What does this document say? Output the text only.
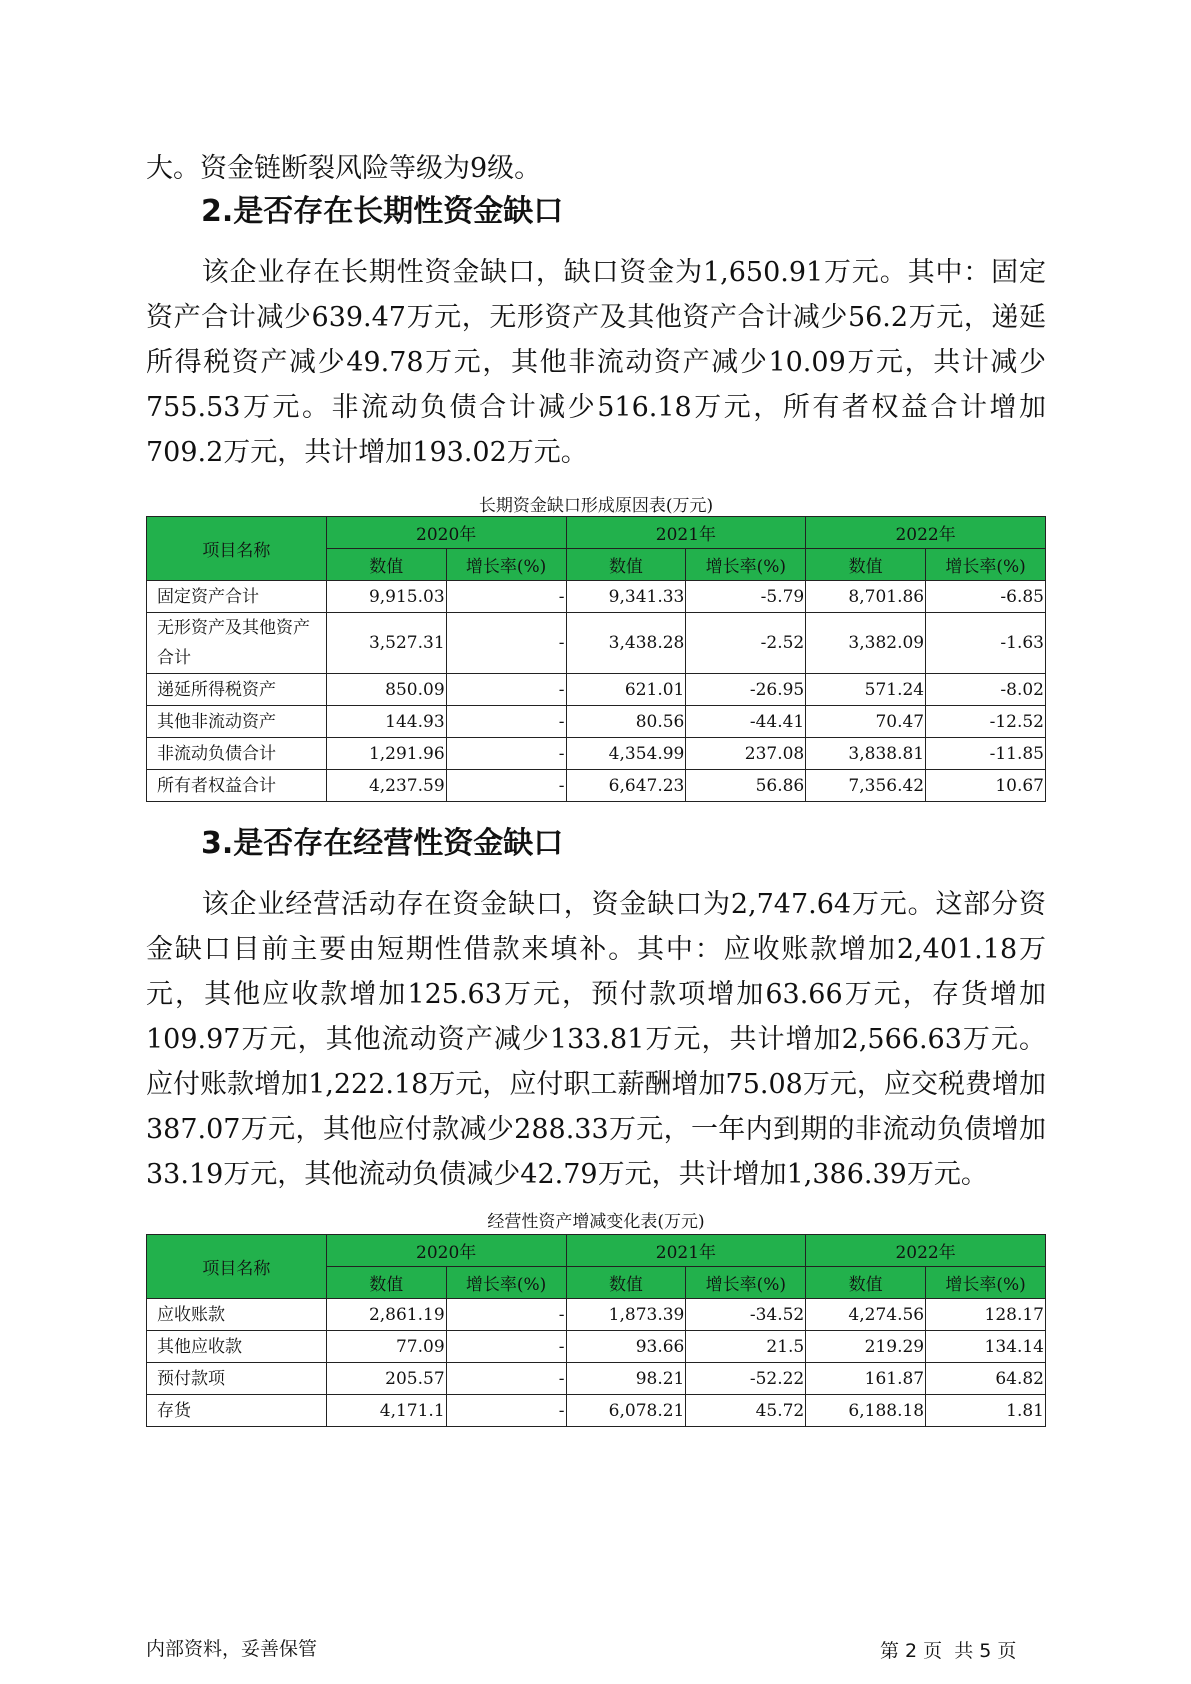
大。资金链断裂风险等级为9级。

2.是否存在长期性资金缺口

　　该企业存在长期性资金缺口，缺口资金为1,650.91万元。其中：固定资产合计减少639.47万元，无形资产及其他资产合计减少56.2万元，递延所得税资产减少49.78万元，其他非流动资产减少10.09万元，共计减少755.53万元。非流动负债合计减少516.18万元，所有者权益合计增加709.2万元，共计增加193.02万元。

长期资金缺口形成原因表(万元)
项目名称	2020年		2021年		2022年	
	数值	增长率(%)	数值	增长率(%)	数值	增长率(%)
固定资产合计	9,915.03	-	9,341.33	-5.79	8,701.86	-6.85
无形资产及其他资产合计	3,527.31	-	3,438.28	-2.52	3,382.09	-1.63
递延所得税资产	850.09	-	621.01	-26.95	571.24	-8.02
其他非流动资产	144.93	-	80.56	-44.41	70.47	-12.52
非流动负债合计	1,291.96	-	4,354.99	237.08	3,838.81	-11.85
所有者权益合计	4,237.59	-	6,647.23	56.86	7,356.42	10.67
3.是否存在经营性资金缺口

　　该企业经营活动存在资金缺口，资金缺口为2,747.64万元。这部分资金缺口目前主要由短期性借款来填补。其中：应收账款增加2,401.18万元，其他应收款增加125.63万元，预付款项增加63.66万元，存货增加109.97万元，其他流动资产减少133.81万元，共计增加2,566.63万元。应付账款增加1,222.18万元，应付职工薪酬增加75.08万元，应交税费增加387.07万元，其他应付款减少288.33万元，一年内到期的非流动负债增加33.19万元，其他流动负债减少42.79万元，共计增加1,386.39万元。

经营性资产增减变化表(万元)
项目名称	2020年		2021年		2022年	
	数值	增长率(%)	数值	增长率(%)	数值	增长率(%)
应收账款	2,861.19	-	1,873.39	-34.52	4,274.56	128.17
其他应收款	77.09	-	93.66	21.5	219.29	134.14
预付款项	205.57	-	98.21	-52.22	161.87	64.82
存货	4,171.1	-	6,078.21	45.72	6,188.18	1.81
内部资料，妥善保管	第 2 页  共 5 页
